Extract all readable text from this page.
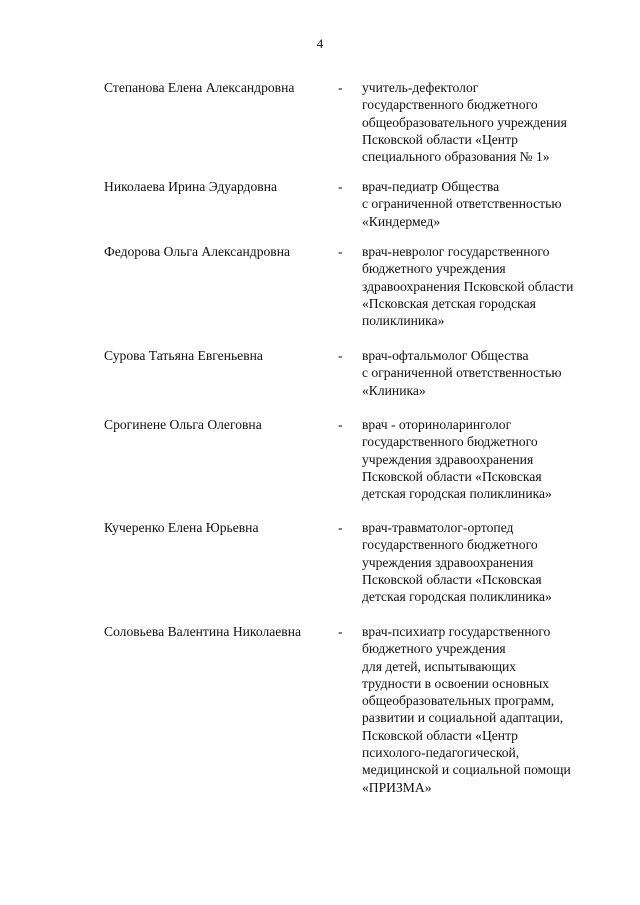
4
Степанова Елена Александровна	- учитель-дефектолог
государственного бюджетного
общеобразовательного учреждения
Псковской области «Центр
специального образования № 1»
Николаева Ирина Эдуардовна	- врач-педиатр Общества
с ограниченной ответственностью
«Киндермед»
Федорова Ольга Александровна	- врач-невролог государственного
бюджетного учреждения
здравоохранения Псковской области
«Псковская детская городская
поликлиника»
Сурова Татьяна Евгеньевна	- врач-офтальмолог Общества
с ограниченной ответственностью
«Клиника»
Срогинене Ольга Олеговна	- врач - оториноларинголог
государственного бюджетного
учреждения здравоохранения
Псковской области «Псковская
детская городская поликлиника»
Кучеренко Елена Юрьевна	- врач-травматолог-ортопед
государственного бюджетного
учреждения здравоохранения
Псковской области «Псковская
детская городская поликлиника»
Соловьева Валентина Николаевна	- врач-психиатр государственного
бюджетного учреждения
для детей, испытывающих
трудности в освоении основных
общеобразовательных программ,
развитии и социальной адаптации,
Псковской области «Центр
психолого-педагогической,
медицинской и социальной помощи
«ПРИЗМА»
